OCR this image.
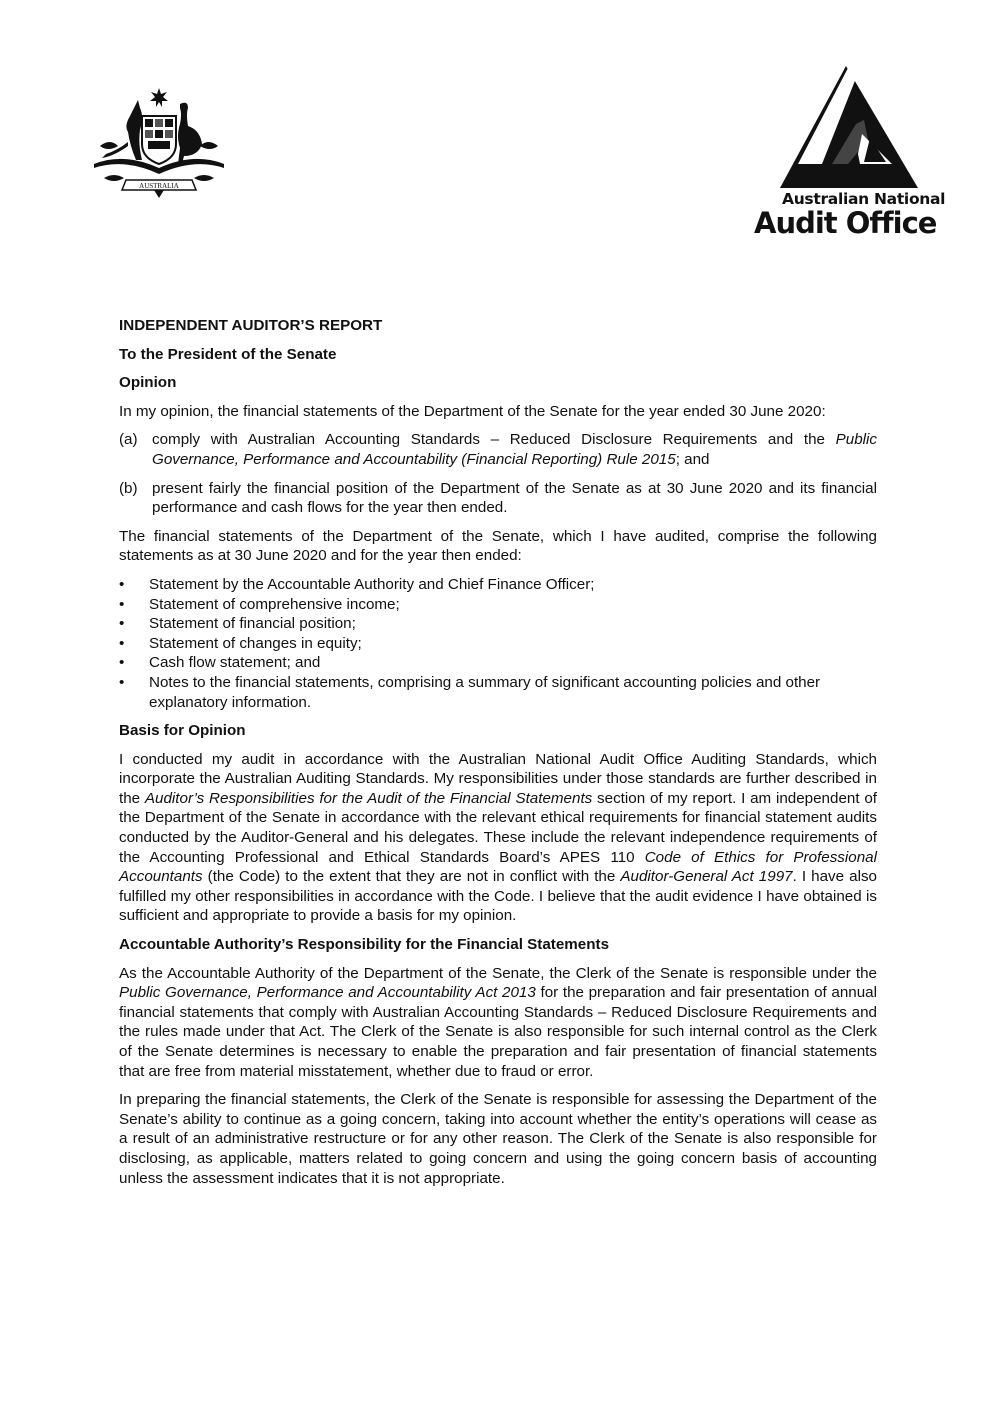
AUSTRALIA
Australian National
Audit Office
INDEPENDENT AUDITOR’S REPORT
To the President of the Senate
Opinion

In my opinion, the financial statements of the Department of the Senate for the year ended 30 June 2020:

(a) comply with Australian Accounting Standards – Reduced Disclosure Requirements and the Public Governance, Performance and Accountability (Financial Reporting) Rule 2015; and
(b) present fairly the financial position of the Department of the Senate as at 30 June 2020 and its financial performance and cash flows for the year then ended.

The financial statements of the Department of the Senate, which I have audited, comprise the following statements as at 30 June 2020 and for the year then ended:

•	Statement by the Accountable Authority and Chief Finance Officer;
•	Statement of comprehensive income;
•	Statement of financial position;
•	Statement of changes in equity;
•	Cash flow statement; and
•	Notes to the financial statements, comprising a summary of significant accounting policies and other explanatory information.
Basis for Opinion

I conducted my audit in accordance with the Australian National Audit Office Auditing Standards, which incorporate the Australian Auditing Standards. My responsibilities under those standards are further described in the Auditor’s Responsibilities for the Audit of the Financial Statements section of my report. I am independent of the Department of the Senate in accordance with the relevant ethical requirements for financial statement audits conducted by the Auditor-General and his delegates. These include the relevant independence requirements of the Accounting Professional and Ethical Standards Board’s APES 110 Code of Ethics for Professional Accountants (the Code) to the extent that they are not in conflict with the Auditor-General Act 1997. I have also fulfilled my other responsibilities in accordance with the Code. I believe that the audit evidence I have obtained is sufficient and appropriate to provide a basis for my opinion.

Accountable Authority’s Responsibility for the Financial Statements

As the Accountable Authority of the Department of the Senate, the Clerk of the Senate is responsible under the Public Governance, Performance and Accountability Act 2013 for the preparation and fair presentation of annual financial statements that comply with Australian Accounting Standards – Reduced Disclosure Requirements and the rules made under that Act. The Clerk of the Senate is also responsible for such internal control as the Clerk of the Senate determines is necessary to enable the preparation and fair presentation of financial statements that are free from material misstatement, whether due to fraud or error.

In preparing the financial statements, the Clerk of the Senate is responsible for assessing the Department of the Senate’s ability to continue as a going concern, taking into account whether the entity’s operations will cease as a result of an administrative restructure or for any other reason. The Clerk of the Senate is also responsible for disclosing, as applicable, matters related to going concern and using the going concern basis of accounting unless the assessment indicates that it is not appropriate.
